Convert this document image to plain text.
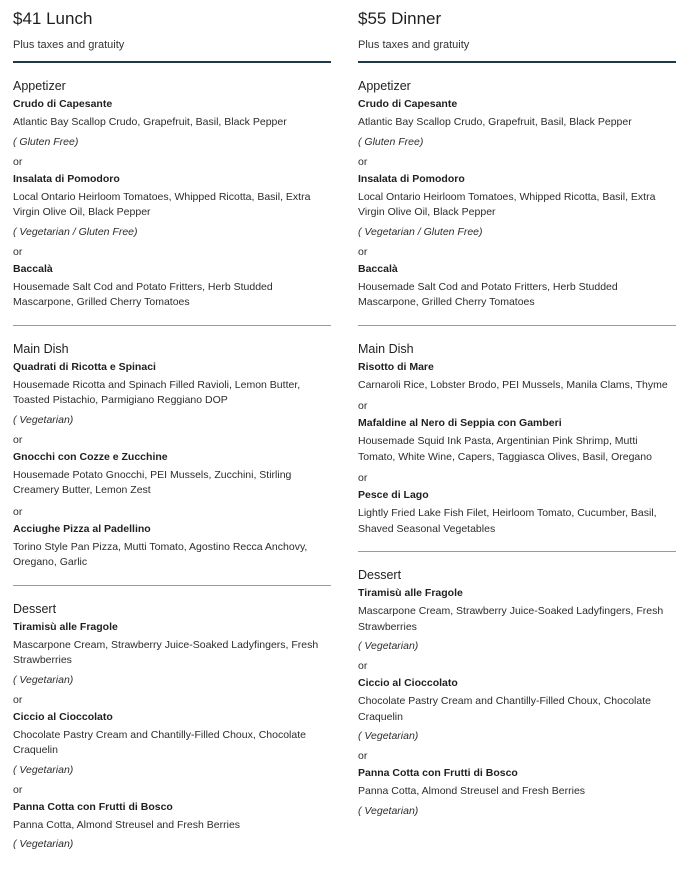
$41 Lunch
Plus taxes and gratuity
Appetizer
Crudo di Capesante
Atlantic Bay Scallop Crudo, Grapefruit, Basil, Black Pepper
( Gluten Free)
or
Insalata di Pomodoro
Local Ontario Heirloom Tomatoes, Whipped Ricotta, Basil, Extra Virgin Olive Oil, Black Pepper
( Vegetarian / Gluten Free)
or
Baccalà
Housemade Salt Cod and Potato Fritters, Herb Studded Mascarpone, Grilled Cherry Tomatoes
Main Dish
Quadrati di Ricotta e Spinaci
Housemade Ricotta and Spinach Filled Ravioli, Lemon Butter, Toasted Pistachio, Parmigiano Reggiano DOP
( Vegetarian)
or
Gnocchi con Cozze e Zucchine
Housemade Potato Gnocchi, PEI Mussels, Zucchini, Stirling Creamery Butter, Lemon Zest
or
Acciughe Pizza al Padellino
Torino Style Pan Pizza, Mutti Tomato, Agostino Recca Anchovy, Oregano, Garlic
Dessert
Tiramisù alle Fragole
Mascarpone Cream, Strawberry Juice-Soaked Ladyfingers, Fresh Strawberries
( Vegetarian)
or
Ciccio al Cioccolato
Chocolate Pastry Cream and Chantilly-Filled Choux, Chocolate Craquelin
( Vegetarian)
or
Panna Cotta con Frutti di Bosco
Panna Cotta, Almond Streusel and Fresh Berries
( Vegetarian)
$55 Dinner
Plus taxes and gratuity
Appetizer
Crudo di Capesante
Atlantic Bay Scallop Crudo, Grapefruit, Basil, Black Pepper
( Gluten Free)
or
Insalata di Pomodoro
Local Ontario Heirloom Tomatoes, Whipped Ricotta, Basil, Extra Virgin Olive Oil, Black Pepper
( Vegetarian / Gluten Free)
or
Baccalà
Housemade Salt Cod and Potato Fritters, Herb Studded Mascarpone, Grilled Cherry Tomatoes
Main Dish
Risotto di Mare
Carnaroli Rice, Lobster Brodo, PEI Mussels, Manila Clams, Thyme
or
Mafaldine al Nero di Seppia con Gamberi
Housemade Squid Ink Pasta, Argentinian Pink Shrimp, Mutti Tomato, White Wine, Capers, Taggiasca Olives, Basil, Oregano
or
Pesce di Lago
Lightly Fried Lake Fish Filet, Heirloom Tomato, Cucumber, Basil, Shaved Seasonal Vegetables
Dessert
Tiramisù alle Fragole
Mascarpone Cream, Strawberry Juice-Soaked Ladyfingers, Fresh Strawberries
( Vegetarian)
or
Ciccio al Cioccolato
Chocolate Pastry Cream and Chantilly-Filled Choux, Chocolate Craquelin
( Vegetarian)
or
Panna Cotta con Frutti di Bosco
Panna Cotta, Almond Streusel and Fresh Berries
( Vegetarian)
